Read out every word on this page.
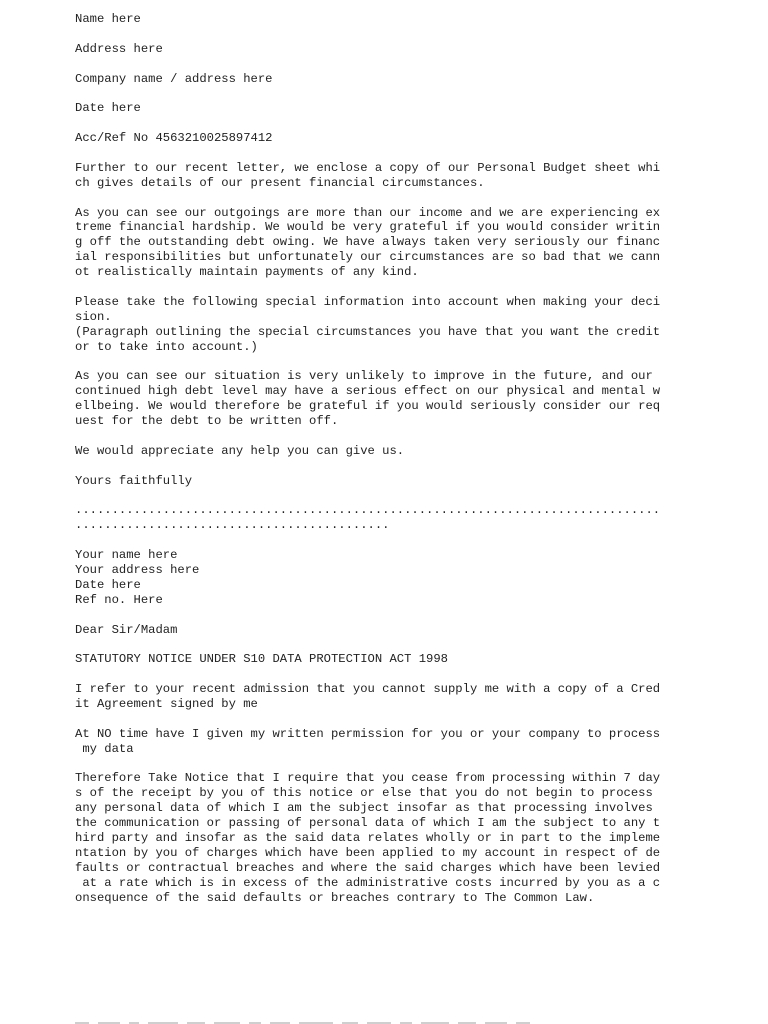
Name here
Address here
Company name / address here
Date here
Acc/Ref No 4563210025897412
Further to our recent letter, we enclose a copy of our Personal Budget sheet whi
ch gives details of our present financial circumstances.
As you can see our outgoings are more than our income and we are experiencing ex
treme financial hardship. We would be very grateful if you would consider writin
g off the outstanding debt owing. We have always taken very seriously our financ
ial responsibilities but unfortunately our circumstances are so bad that we cann
ot realistically maintain payments of any kind.
Please take the following special information into account when making your deci
sion.
(Paragraph outlining the special circumstances you have that you want the credit
or to take into account.)
As you can see our situation is very unlikely to improve in the future, and our
continued high debt level may have a serious effect on our physical and mental w
ellbeing. We would therefore be grateful if you would seriously consider our req
uest for the debt to be written off.
We would appreciate any help you can give us.
Yours faithfully
................................................................................
...........................................
Your name here
Your address here
Date here
Ref no. Here
Dear Sir/Madam
STATUTORY NOTICE UNDER S10 DATA PROTECTION ACT 1998
I refer to your recent admission that you cannot supply me with a copy of a Cred
it Agreement signed by me
At NO time have I given my written permission for you or your company to process
my data
Therefore Take Notice that I require that you cease from processing within 7 day
s of the receipt by you of this notice or else that you do not begin to process
any personal data of which I am the subject insofar as that processing involves
the communication or passing of personal data of which I am the subject to any t
hird party and insofar as the said data relates wholly or in part to the impleme
ntation by you of charges which have been applied to my account in respect of de
faults or contractual breaches and where the said charges which have been levied
at a rate which is in excess of the administrative costs incurred by you as a c
onsequence of the said defaults or breaches contrary to The Common Law.
